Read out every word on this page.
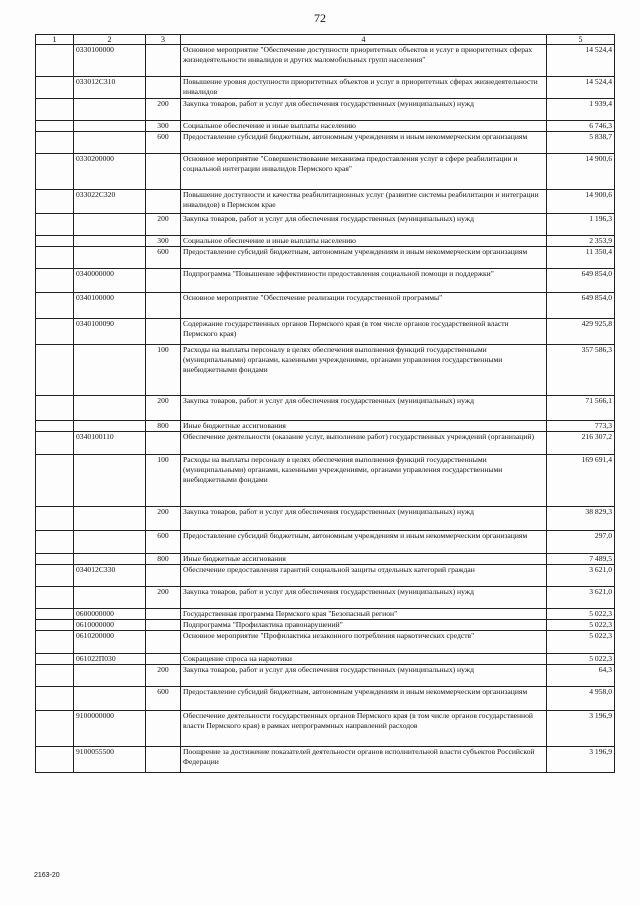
72
1	2	3	4	5
	0330100000		Основное мероприятие "Обеспечение доступности приоритетных объектов и услуг в приоритетных сферах жизнедеятельности инвалидов и других маломобильных групп населения"	14 524,4
	033012С310		Повышение уровня доступности приоритетных объектов и услуг в приоритетных сферах жизнедеятельности инвалидов	14 524,4
		200	Закупка товаров, работ и услуг для обеспечения государственных (муниципальных) нужд	1 939,4
		300	Социальное обеспечение и иные выплаты населению	6 746,3
		600	Предоставление субсидий бюджетным, автономным учреждениям и иным некоммерческим организациям	5 838,7
	0330200000		Основное мероприятие "Совершенствование механизма предоставления услуг в сфере реабилитации и социальной интеграции инвалидов Пермского края"	14 900,6
	033022С320		Повышение доступности и качества реабилитационных услуг (развитие системы реабилитации и интеграции инвалидов) в Пермском крае	14 900,6
		200	Закупка товаров, работ и услуг для обеспечения государственных (муниципальных) нужд	1 196,3
		300	Социальное обеспечение и иные выплаты населению	2 353,9
		600	Предоставление субсидий бюджетным, автономным учреждениям и иным некоммерческим организациям	11 350,4
	0340000000		Подпрограмма "Повышение эффективности предоставления социальной помощи и поддержки"	649 854,0
	0340100000		Основное мероприятие "Обеспечение реализации государственной программы"	649 854,0
	0340100090		Содержание государственных органов Пермского края (в том числе органов государственной власти Пермского края)	429 925,8
		100	Расходы на выплаты персоналу в целях обеспечения выполнения функций государственными (муниципальными) органами, казенными учреждениями, органами управления государственными внебюджетными фондами	357 586,3
		200	Закупка товаров, работ и услуг для обеспечения государственных (муниципальных) нужд	71 566,1
		800	Иные бюджетные ассигнования	773,3
	0340100110		Обеспечение деятельности (оказание услуг, выполнение работ) государственных учреждений (организаций)	216 307,2
		100	Расходы на выплаты персоналу в целях обеспечения выполнения функций государственными (муниципальными) органами, казенными учреждениями, органами управления государственными внебюджетными фондами	169 691,4
		200	Закупка товаров, работ и услуг для обеспечения государственных (муниципальных) нужд	38 829,3
		600	Предоставление субсидий бюджетным, автономным учреждениям и иным некоммерческим организациям	297,0
		800	Иные бюджетные ассигнования	7 489,5
	034012С330		Обеспечение предоставления гарантий социальной защиты отдельных категорий граждан	3 621,0
		200	Закупка товаров, работ и услуг для обеспечения государственных (муниципальных) нужд	3 621,0
	0600000000		Государственная программа Пермского края "Безопасный регион"	5 022,3
	0610000000		Подпрограмма "Профилактика правонарушений"	5 022,3
	0610200000		Основное мероприятие "Профилактика незаконного потребления наркотических средств"	5 022,3
	061022П030		Сокращение спроса на наркотики	5 022,3
		200	Закупка товаров, работ и услуг для обеспечения государственных (муниципальных) нужд	64,3
		600	Предоставление субсидий бюджетным, автономным учреждениям и иным некоммерческим организациям	4 958,0
	9100000000		Обеспечение деятельности государственных органов Пермского края (в том числе органов государственной власти Пермского края) в рамках непрограммных направлений расходов	3 196,9
	9100055500		Поощрение за достижение показателей деятельности органов исполнительной власти субъектов Российской Федерации	3 196,9
2163-20
